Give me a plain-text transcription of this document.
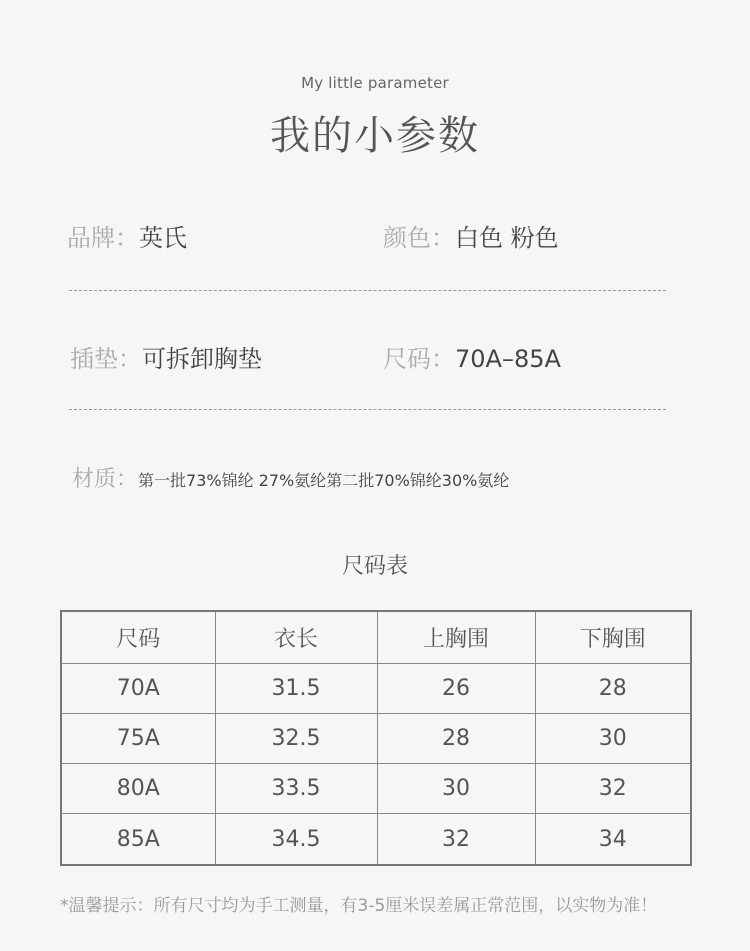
My little parameter
我的小参数
品牌：英氏	颜色：白色 粉色
插垫：可拆卸胸垫	尺码：70A–85A
材质：第一批73%锦纶 27%氨纶第二批70%锦纶30%氨纶
尺码表
尺码	衣长	上胸围	下胸围
70A	31.5	26	28
75A	32.5	28	30
80A	33.5	30	32
85A	34.5	32	34
*温馨提示：所有尺寸均为手工测量，有3-5厘米误差属正常范围，以实物为准！
